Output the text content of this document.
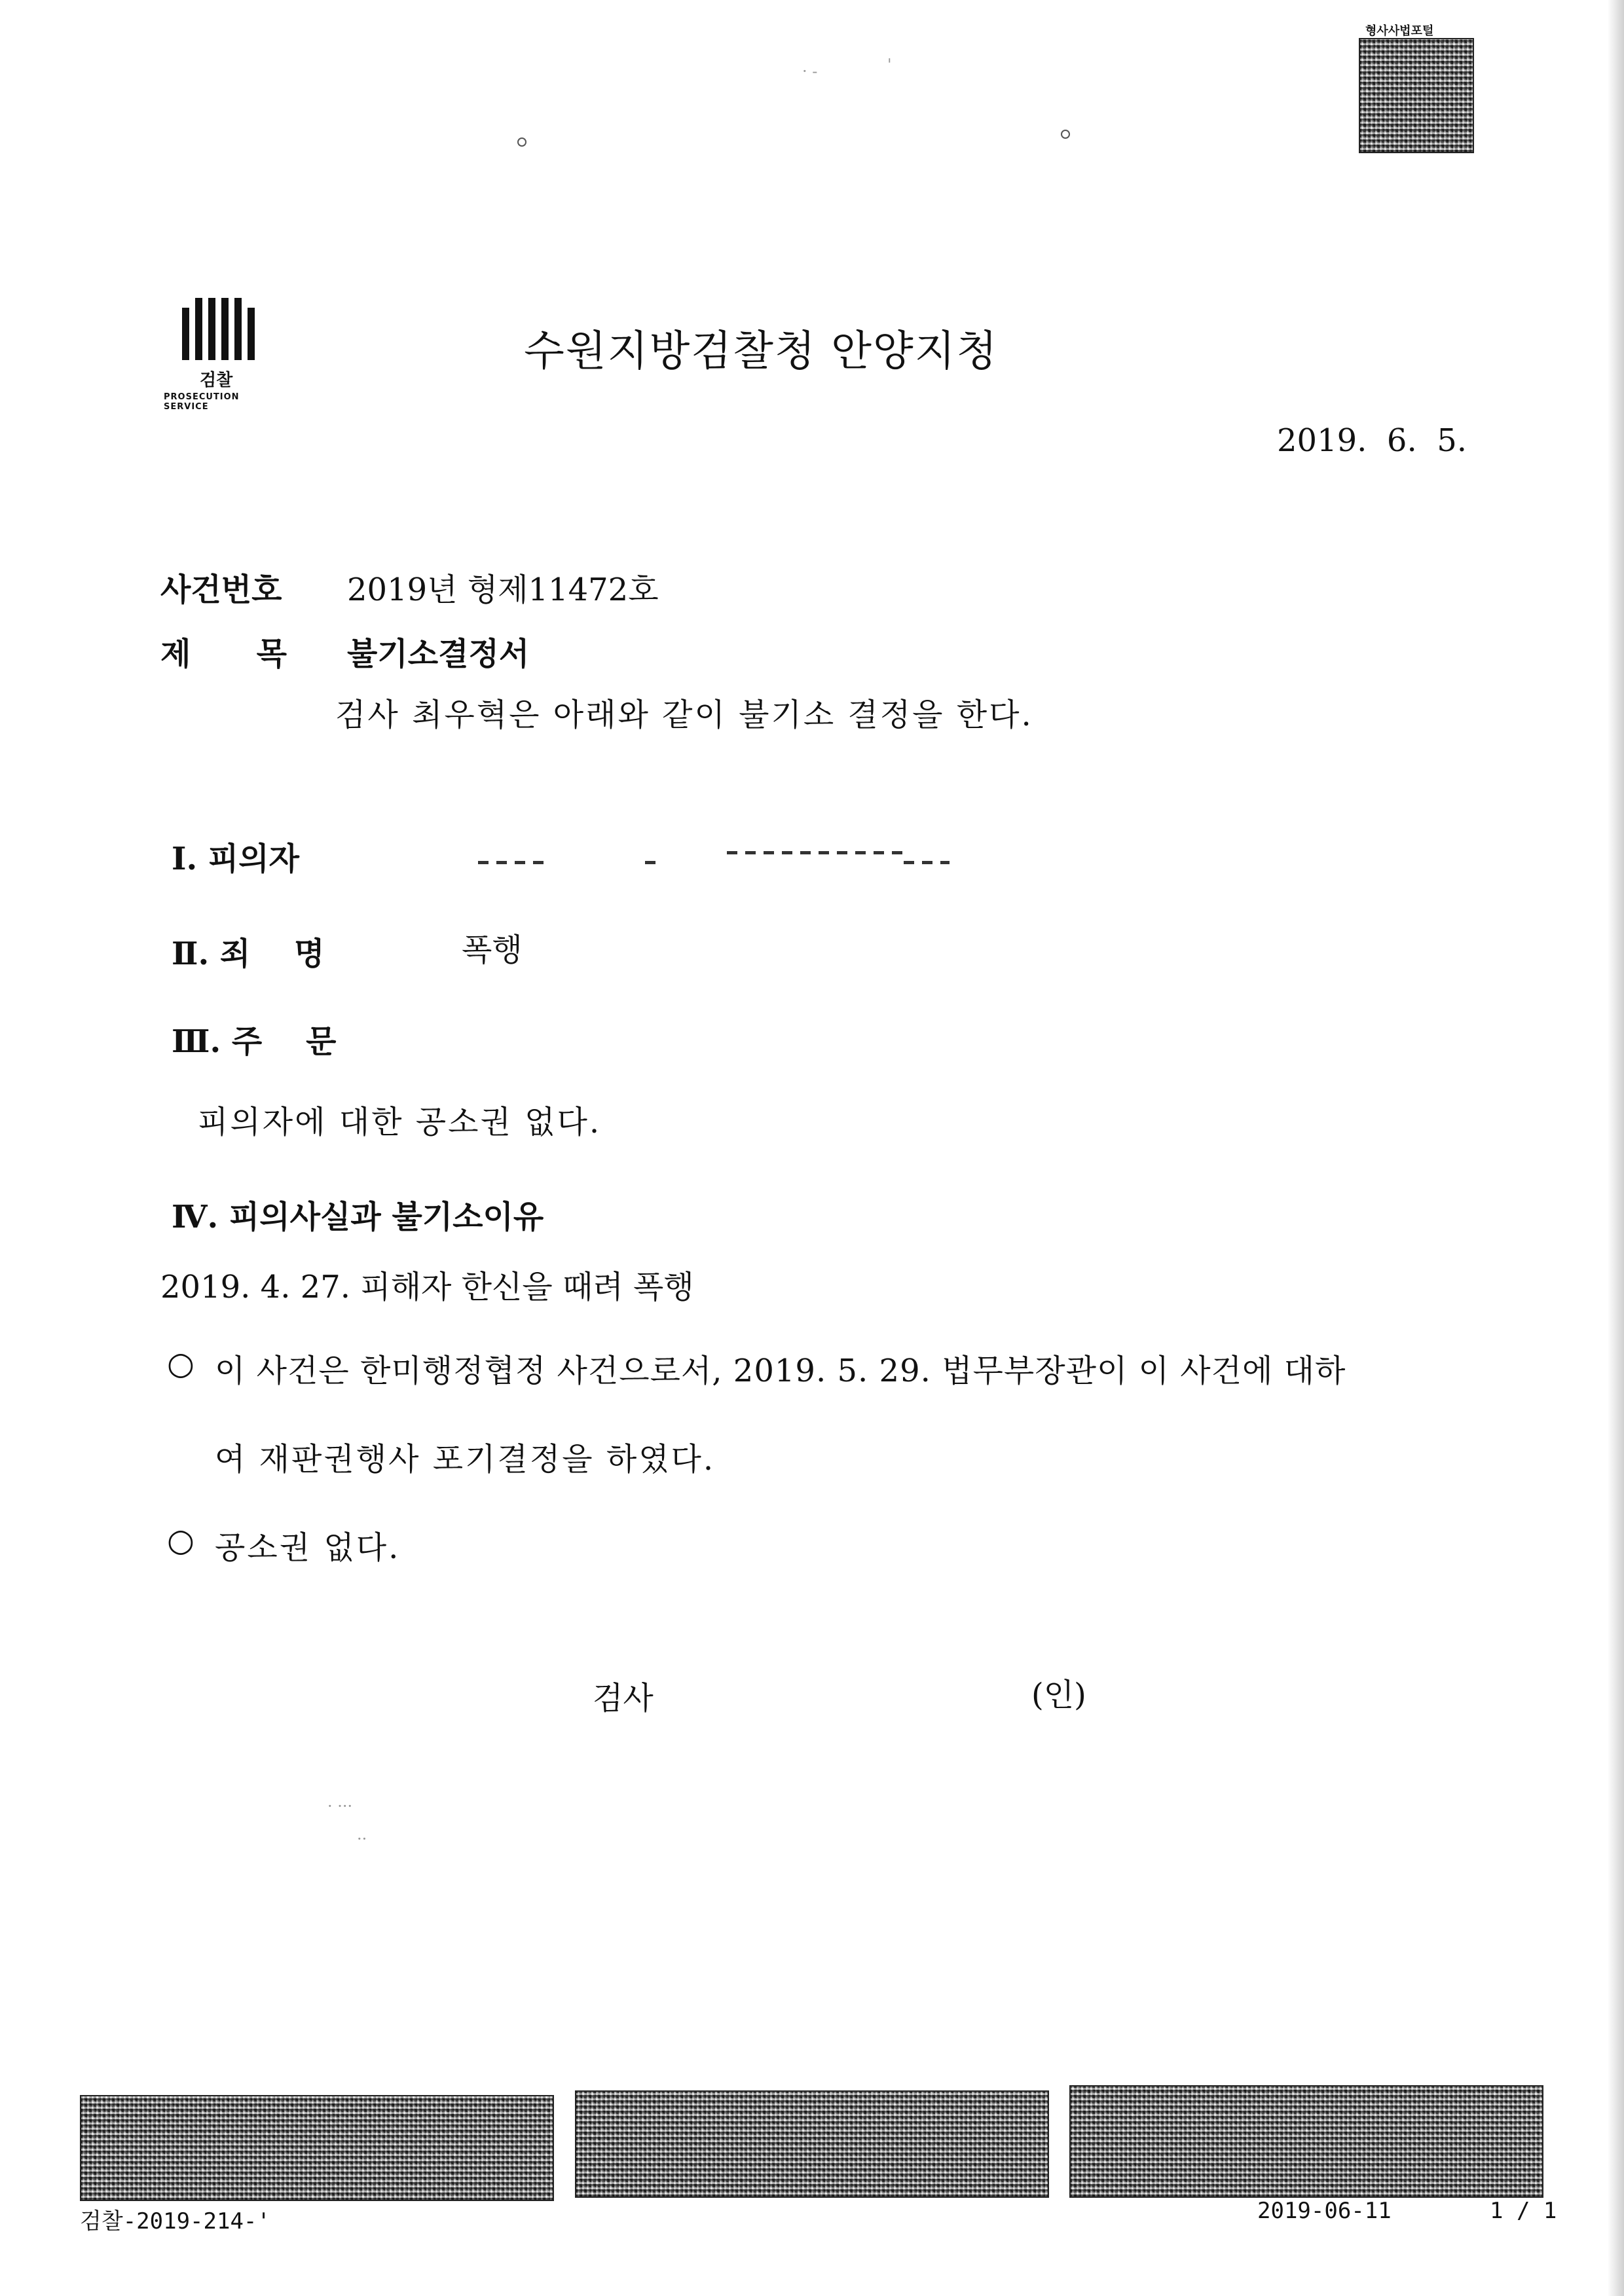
· -	'
형사사법포털
검찰
PROSECUTION SERVICE
수원지방검찰청 안양지청
2019.  6.  5.
사건번호 2019년 형제11472호
제      목 불기소결정서
검사 최우혁은 아래와 같이 불기소 결정을 한다.
Ⅰ. 피의자
Ⅱ. 죄    명	폭행
Ⅲ. 주    문
피의자에 대한 공소권 없다.
Ⅳ. 피의사실과 불기소이유
2019. 4. 27. 피해자 한신을 때려 폭행
○ 이 사건은 한미행정협정 사건으로서, 2019. 5. 29. 법무부장관이 이 사건에 대하
여 재판권행사 포기결정을 하였다.
○ 공소권 없다.
검사	(인)
· ···
··
검찰-2019-214-'	2019-06-11	1 / 1
